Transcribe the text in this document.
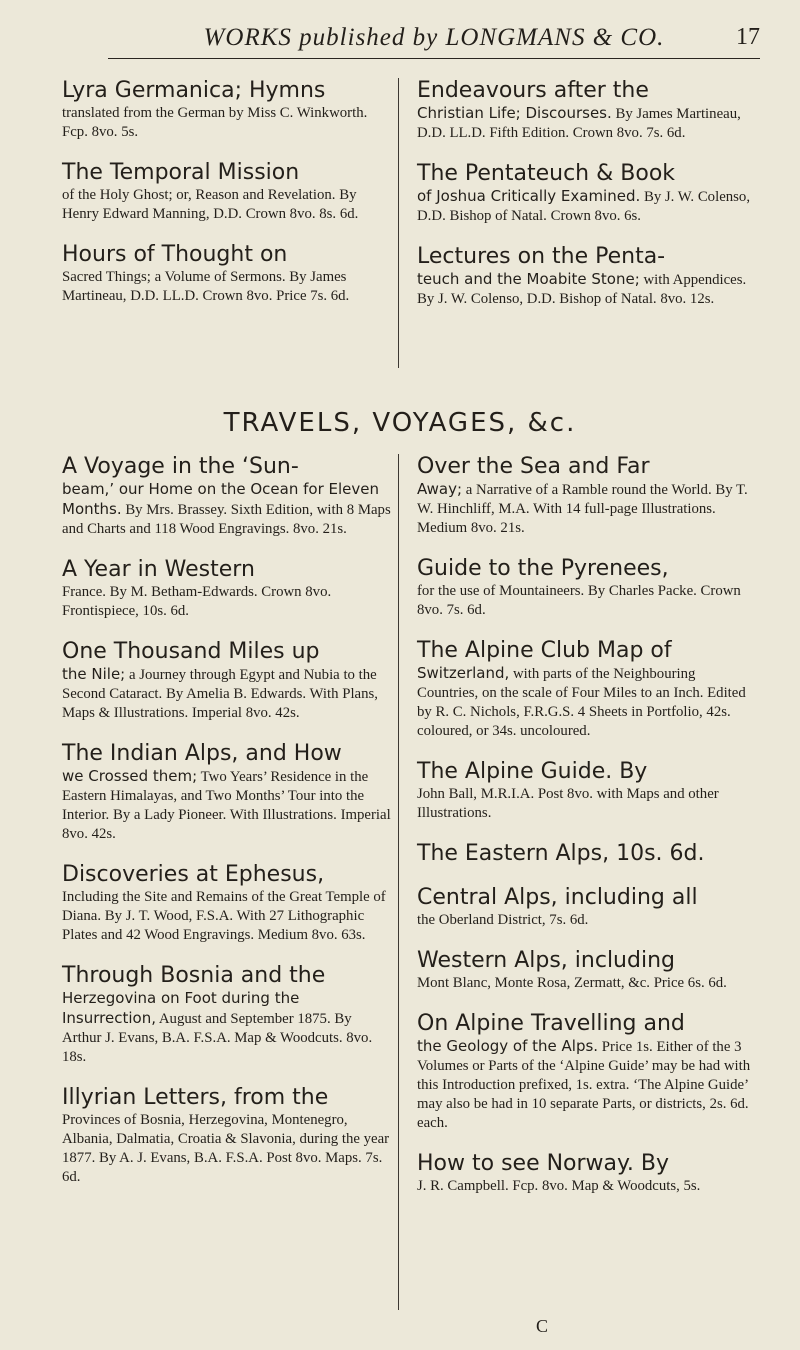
WORKS published by LONGMANS & CO.	17

Lyra Germanica; Hymns

translated from the German by Miss C. Winkworth. Fcp. 8vo. 5s.

The Temporal Mission

of the Holy Ghost; or, Reason and Revelation. By Henry Edward Manning, D.D. Crown 8vo. 8s. 6d.

Hours of Thought on

Sacred Things; a Volume of Sermons. By James Martineau, D.D. LL.D. Crown 8vo. Price 7s. 6d.

Endeavours after the

Christian Life; Discourses. By James Martineau, D.D. LL.D. Fifth Edition. Crown 8vo. 7s. 6d.

The Pentateuch & Book

of Joshua Critically Examined. By J. W. Colenso, D.D. Bishop of Natal. Crown 8vo. 6s.

Lectures on the Penta-

teuch and the Moabite Stone; with Appendices. By J. W. Colenso, D.D. Bishop of Natal. 8vo. 12s.

TRAVELS, VOYAGES, &c.

A Voyage in the ‘Sun-

beam,’ our Home on the Ocean for Eleven Months. By Mrs. Brassey. Sixth Edition, with 8 Maps and Charts and 118 Wood Engravings. 8vo. 21s.

A Year in Western

France. By M. Betham-Edwards. Crown 8vo. Frontispiece, 10s. 6d.

One Thousand Miles up

the Nile; a Journey through Egypt and Nubia to the Second Cataract. By Amelia B. Edwards. With Plans, Maps & Illustrations. Imperial 8vo. 42s.

The Indian Alps, and How

we Crossed them; Two Years’ Residence in the Eastern Himalayas, and Two Months’ Tour into the Interior. By a Lady Pioneer. With Illustrations. Imperial 8vo. 42s.

Discoveries at Ephesus,

Including the Site and Remains of the Great Temple of Diana. By J. T. Wood, F.S.A. With 27 Lithographic Plates and 42 Wood Engravings. Medium 8vo. 63s.

Through Bosnia and the

Herzegovina on Foot during the Insurrection, August and September 1875. By Arthur J. Evans, B.A. F.S.A. Map & Woodcuts. 8vo. 18s.

Illyrian Letters, from the

Provinces of Bosnia, Herzegovina, Montenegro, Albania, Dalmatia, Croatia & Slavonia, during the year 1877. By A. J. Evans, B.A. F.S.A. Post 8vo. Maps. 7s. 6d.

Over the Sea and Far

Away; a Narrative of a Ramble round the World. By T. W. Hinchliff, M.A. With 14 full-page Illustrations. Medium 8vo. 21s.

Guide to the Pyrenees,

for the use of Mountaineers. By Charles Packe. Crown 8vo. 7s. 6d.

The Alpine Club Map of

Switzerland, with parts of the Neighbouring Countries, on the scale of Four Miles to an Inch. Edited by R. C. Nichols, F.R.G.S. 4 Sheets in Portfolio, 42s. coloured, or 34s. uncoloured.

The Alpine Guide. By

John Ball, M.R.I.A. Post 8vo. with Maps and other Illustrations.

The Eastern Alps, 10s. 6d.

Central Alps, including all

the Oberland District, 7s. 6d.

Western Alps, including

Mont Blanc, Monte Rosa, Zermatt, &c. Price 6s. 6d.

On Alpine Travelling and

the Geology of the Alps. Price 1s. Either of the 3 Volumes or Parts of the ‘Alpine Guide’ may be had with this Introduction prefixed, 1s. extra. ‘The Alpine Guide’ may also be had in 10 separate Parts, or districts, 2s. 6d. each.

How to see Norway. By

J. R. Campbell. Fcp. 8vo. Map & Woodcuts, 5s.

C
